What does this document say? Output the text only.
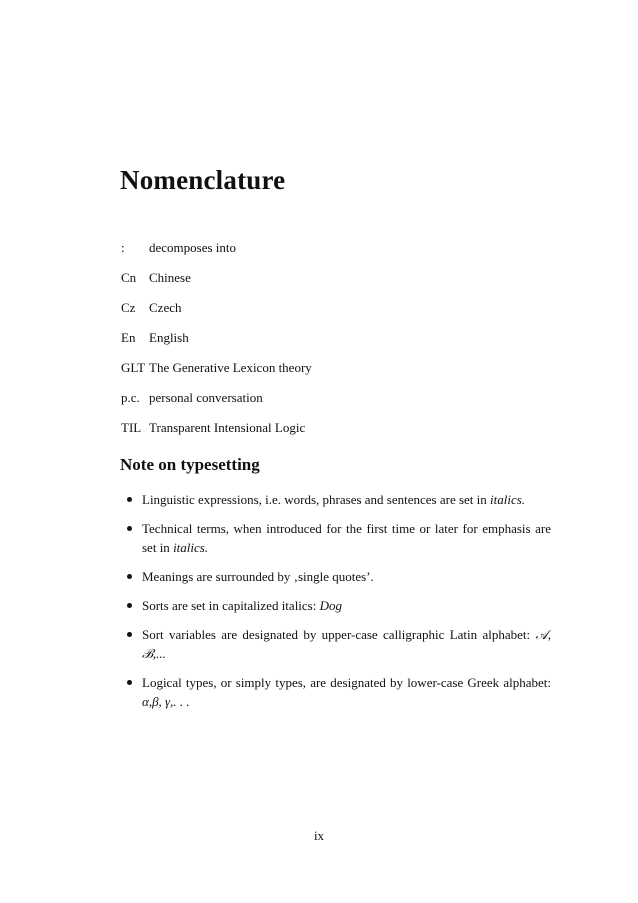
Nomenclature
:	decomposes into
Cn Chinese
Cz	Czech
En	English
GLT The Generative Lexicon theory
p.c. personal conversation
TIL Transparent Intensional Logic
Note on typesetting
Linguistic expressions, i.e. words, phrases and sentences are set in italics.
Technical terms, when introduced for the first time or later for emphasis are set in italics.
Meanings are surrounded by ‚single quotes’.
Sorts are set in capitalized italics: Dog
Sort variables are designated by upper-case calligraphic Latin alphabet: 𝒜, ℬ,...
Logical types, or simply types, are designated by lower-case Greek alphabet: α,β, γ,. . .
ix
